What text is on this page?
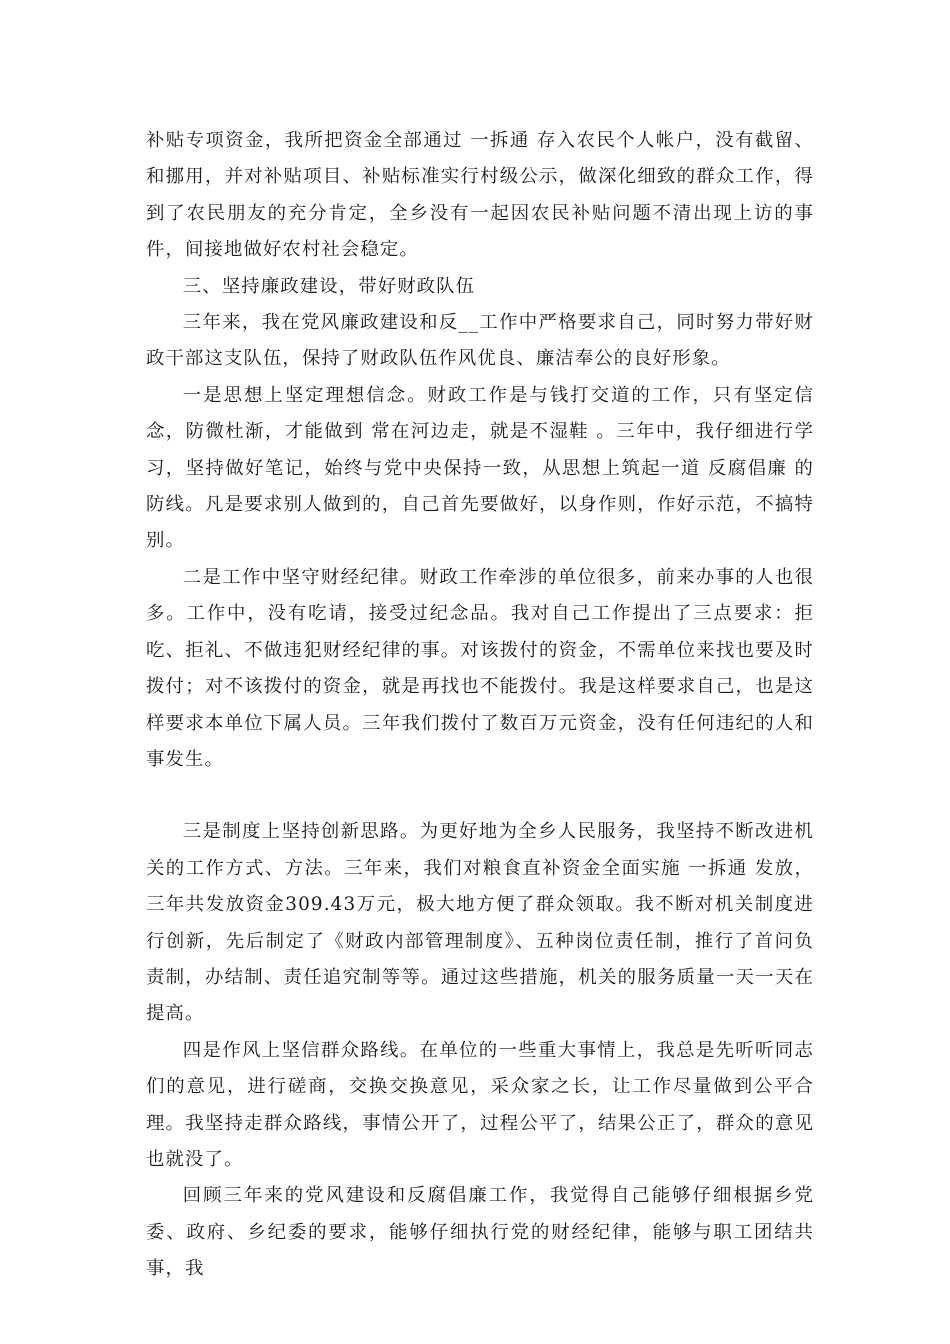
补贴专项资金，我所把资金全部通过 一拆通 存入农民个人帐户，没有截留、和挪用，并对补贴项目、补贴标准实行村级公示，做深化细致的群众工作，得到了农民朋友的充分肯定，全乡没有一起因农民补贴问题不清出现上访的事件，间接地做好农村社会稳定。

三、坚持廉政建设，带好财政队伍

三年来，我在党风廉政建设和反__工作中严格要求自己，同时努力带好财政干部这支队伍，保持了财政队伍作风优良、廉洁奉公的良好形象。

一是思想上坚定理想信念。财政工作是与钱打交道的工作，只有坚定信念，防微杜渐，才能做到 常在河边走，就是不湿鞋 。三年中，我仔细进行学习，坚持做好笔记，始终与党中央保持一致，从思想上筑起一道 反腐倡廉 的防线。凡是要求别人做到的，自己首先要做好，以身作则，作好示范，不搞特别。

二是工作中坚守财经纪律。财政工作牵涉的单位很多，前来办事的人也很多。工作中，没有吃请，接受过纪念品。我对自己工作提出了三点要求：拒吃、拒礼、不做违犯财经纪律的事。对该拨付的资金，不需单位来找也要及时拨付；对不该拨付的资金，就是再找也不能拨付。我是这样要求自己，也是这样要求本单位下属人员。三年我们拨付了数百万元资金，没有任何违纪的人和事发生。

三是制度上坚持创新思路。为更好地为全乡人民服务，我坚持不断改进机关的工作方式、方法。三年来，我们对粮食直补资金全面实施 一拆通 发放，三年共发放资金309.43万元，极大地方便了群众领取。我不断对机关制度进行创新，先后制定了《财政内部管理制度》、五种岗位责任制，推行了首问负责制，办结制、责任追究制等等。通过这些措施，机关的服务质量一天一天在提高。

四是作风上坚信群众路线。在单位的一些重大事情上，我总是先听听同志们的意见，进行磋商，交换交换意见，采众家之长，让工作尽量做到公平合理。我坚持走群众路线，事情公开了，过程公平了，结果公正了，群众的意见也就没了。

回顾三年来的党风建设和反腐倡廉工作，我觉得自己能够仔细根据乡党委、政府、乡纪委的要求，能够仔细执行党的财经纪律，能够与职工团结共事，我
